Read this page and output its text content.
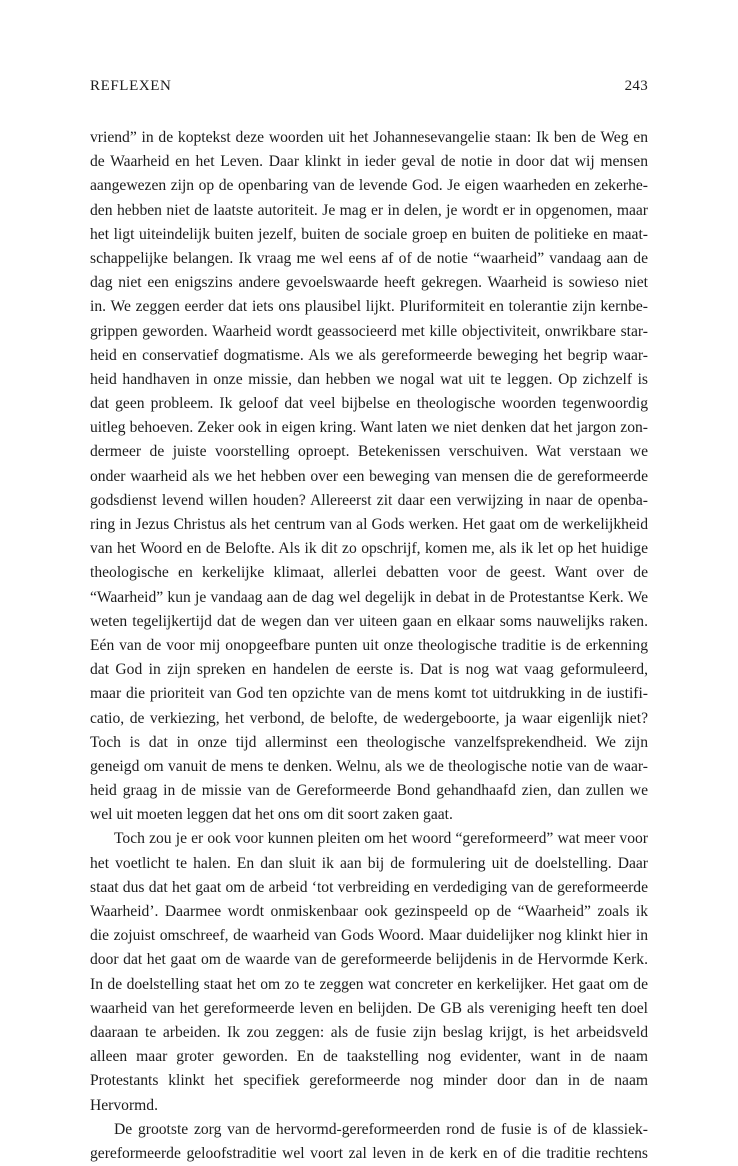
REFLEXEN	243
vriend” in de koptekst deze woorden uit het Johannesevangelie staan: Ik ben de Weg en
de Waarheid en het Leven. Daar klinkt in ieder geval de notie in door dat wij mensen
aangewezen zijn op de openbaring van de levende God. Je eigen waarheden en zekerhe-
den hebben niet de laatste autoriteit. Je mag er in delen, je wordt er in opgenomen, maar
het ligt uiteindelijk buiten jezelf, buiten de sociale groep en buiten de politieke en maat-
schappelijke belangen. Ik vraag me wel eens af of de notie “waarheid” vandaag aan de
dag niet een enigszins andere gevoelswaarde heeft gekregen. Waarheid is sowieso niet
in. We zeggen eerder dat iets ons plausibel lijkt. Pluriformiteit en tolerantie zijn kernbe-
grippen geworden. Waarheid wordt geassocieerd met kille objectiviteit, onwrikbare star-
heid en conservatief dogmatisme. Als we als gereformeerde beweging het begrip waar-
heid handhaven in onze missie, dan hebben we nogal wat uit te leggen. Op zichzelf is
dat geen probleem. Ik geloof dat veel bijbelse en theologische woorden tegenwoordig
uitleg behoeven. Zeker ook in eigen kring. Want laten we niet denken dat het jargon zon-
dermeer de juiste voorstelling oproept. Betekenissen verschuiven. Wat verstaan we
onder waarheid als we het hebben over een beweging van mensen die de gereformeerde
godsdienst levend willen houden? Allereerst zit daar een verwijzing in naar de openba-
ring in Jezus Christus als het centrum van al Gods werken. Het gaat om de werkelijkheid
van het Woord en de Belofte. Als ik dit zo opschrijf, komen me, als ik let op het huidige
theologische en kerkelijke klimaat, allerlei debatten voor de geest. Want over de
“Waarheid” kun je vandaag aan de dag wel degelijk in debat in de Protestantse Kerk. We
weten tegelijkertijd dat de wegen dan ver uiteen gaan en elkaar soms nauwelijks raken.
Eén van de voor mij onopgeefbare punten uit onze theologische traditie is de erkenning
dat God in zijn spreken en handelen de eerste is. Dat is nog wat vaag geformuleerd,
maar die prioriteit van God ten opzichte van de mens komt tot uitdrukking in de iustifi-
catio, de verkiezing, het verbond, de belofte, de wedergeboorte, ja waar eigenlijk niet?
Toch is dat in onze tijd allerminst een theologische vanzelfsprekendheid. We zijn
geneigd om vanuit de mens te denken. Welnu, als we de theologische notie van de waar-
heid graag in de missie van de Gereformeerde Bond gehandhaafd zien, dan zullen we
wel uit moeten leggen dat het ons om dit soort zaken gaat.
Toch zou je er ook voor kunnen pleiten om het woord “gereformeerd” wat meer voor
het voetlicht te halen. En dan sluit ik aan bij de formulering uit de doelstelling. Daar
staat dus dat het gaat om de arbeid ‘tot verbreiding en verdediging van de gereformeerde
Waarheid’. Daarmee wordt onmiskenbaar ook gezinspeeld op de “Waarheid” zoals ik
die zojuist omschreef, de waarheid van Gods Woord. Maar duidelijker nog klinkt hier in
door dat het gaat om de waarde van de gereformeerde belijdenis in de Hervormde Kerk.
In de doelstelling staat het om zo te zeggen wat concreter en kerkelijker. Het gaat om de
waarheid van het gereformeerde leven en belijden. De GB als vereniging heeft ten doel
daaraan te arbeiden. Ik zou zeggen: als de fusie zijn beslag krijgt, is het arbeidsveld
alleen maar groter geworden. En de taakstelling nog evidenter, want in de naam
Protestants klinkt het specifiek gereformeerde nog minder door dan in de naam
Hervormd.
De grootste zorg van de hervormd-gereformeerden rond de fusie is of de klassiek-
gereformeerde geloofstraditie wel voort zal leven in de kerk en of die traditie rechtens
